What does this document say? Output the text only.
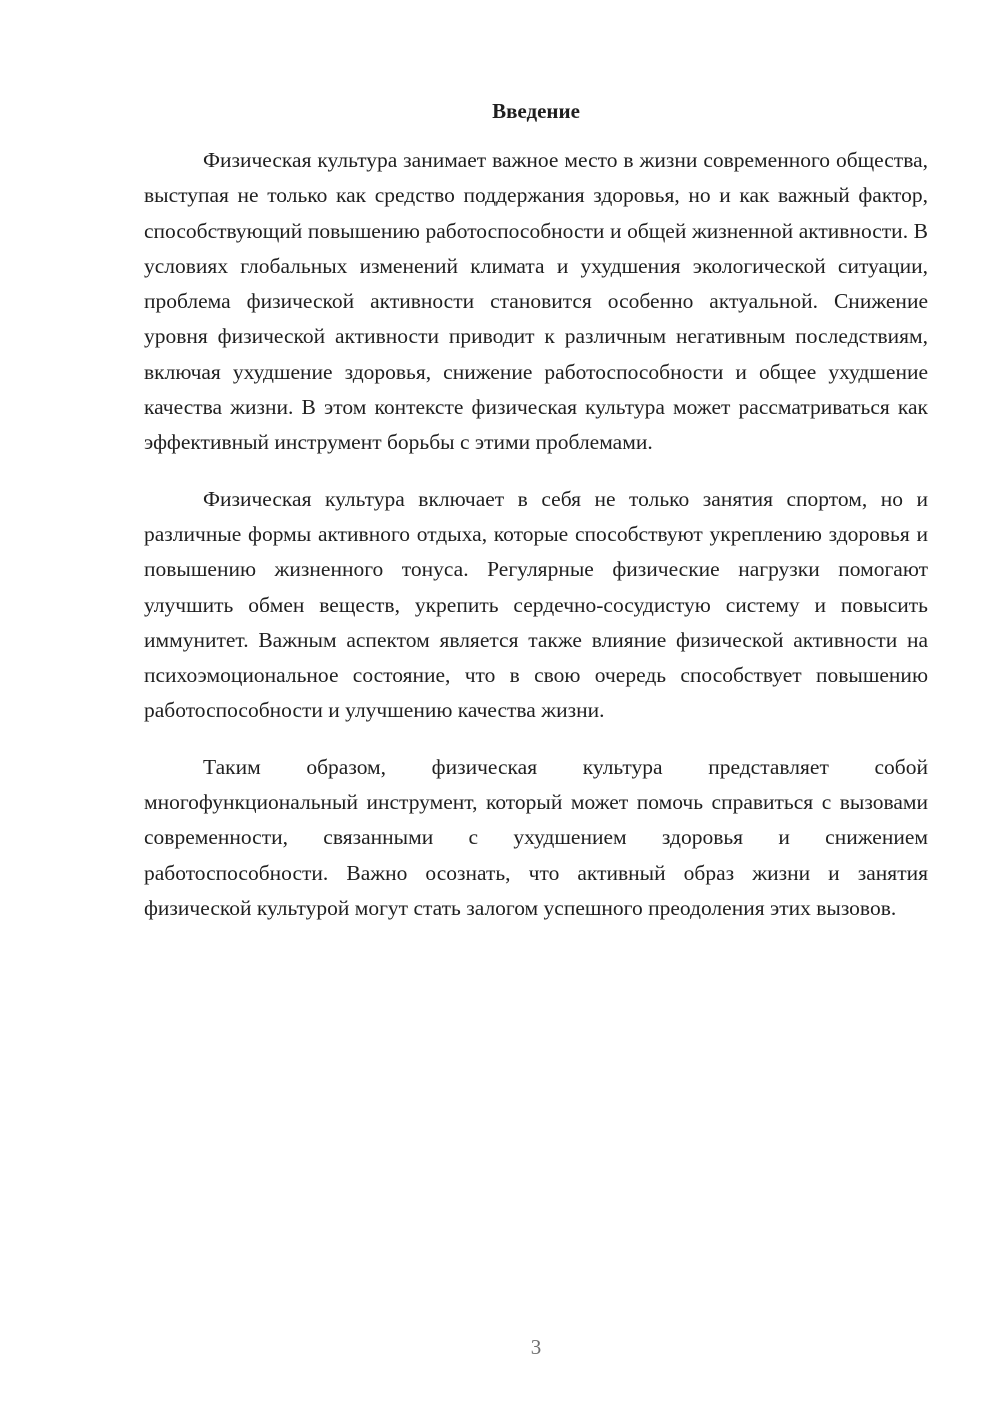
Введение

Физическая культура занимает важное место в жизни современного общества, выступая не только как средство поддержания здоровья, но и как важный фактор, способствующий повышению работоспособности и общей жизненной активности. В условиях глобальных изменений климата и ухудшения экологической ситуации, проблема физической активности становится особенно актуальной. Снижение уровня физической активности приводит к различным негативным последствиям, включая ухудшение здоровья, снижение работоспособности и общее ухудшение качества жизни. В этом контексте физическая культура может рассматриваться как эффективный инструмент борьбы с этими проблемами.

Физическая культура включает в себя не только занятия спортом, но и различные формы активного отдыха, которые способствуют укреплению здоровья и повышению жизненного тонуса. Регулярные физические нагрузки помогают улучшить обмен веществ, укрепить сердечно-сосудистую систему и повысить иммунитет. Важным аспектом является также влияние физической активности на психоэмоциональное состояние, что в свою очередь способствует повышению работоспособности и улучшению качества жизни.

Таким образом, физическая культура представляет собой многофункциональный инструмент, который может помочь справиться с вызовами современности, связанными с ухудшением здоровья и снижением работоспособности. Важно осознать, что активный образ жизни и занятия физической культурой могут стать залогом успешного преодоления этих вызовов.

3
